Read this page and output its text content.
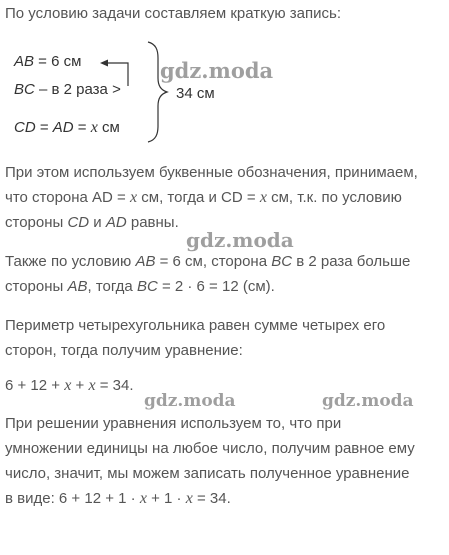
По условию задачи составляем краткую запись:
AB = 6 см
BC – в 2 раза >
CD = AD = x см
34 см
При этом используем буквенные обозначения, принимаем,
что сторона AD = x см, тогда и CD = x см, т.к. по условию
стороны CD и AD равны.
Также по условию AB = 6 см, сторона BC в 2 раза больше
стороны AB, тогда BC = 2 · 6 = 12 (см).
Периметр четырехугольника равен сумме четырех его
сторон, тогда получим уравнение:
6 + 12 + x + x = 34.
При решении уравнения используем то, что при
умножении единицы на любое число, получим равное ему
число, значит, мы можем записать полученное уравнение
в виде: 6 + 12 + 1 · x + 1 · x = 34.
gdz.moda
gdz.moda
gdz.moda	gdz.moda
